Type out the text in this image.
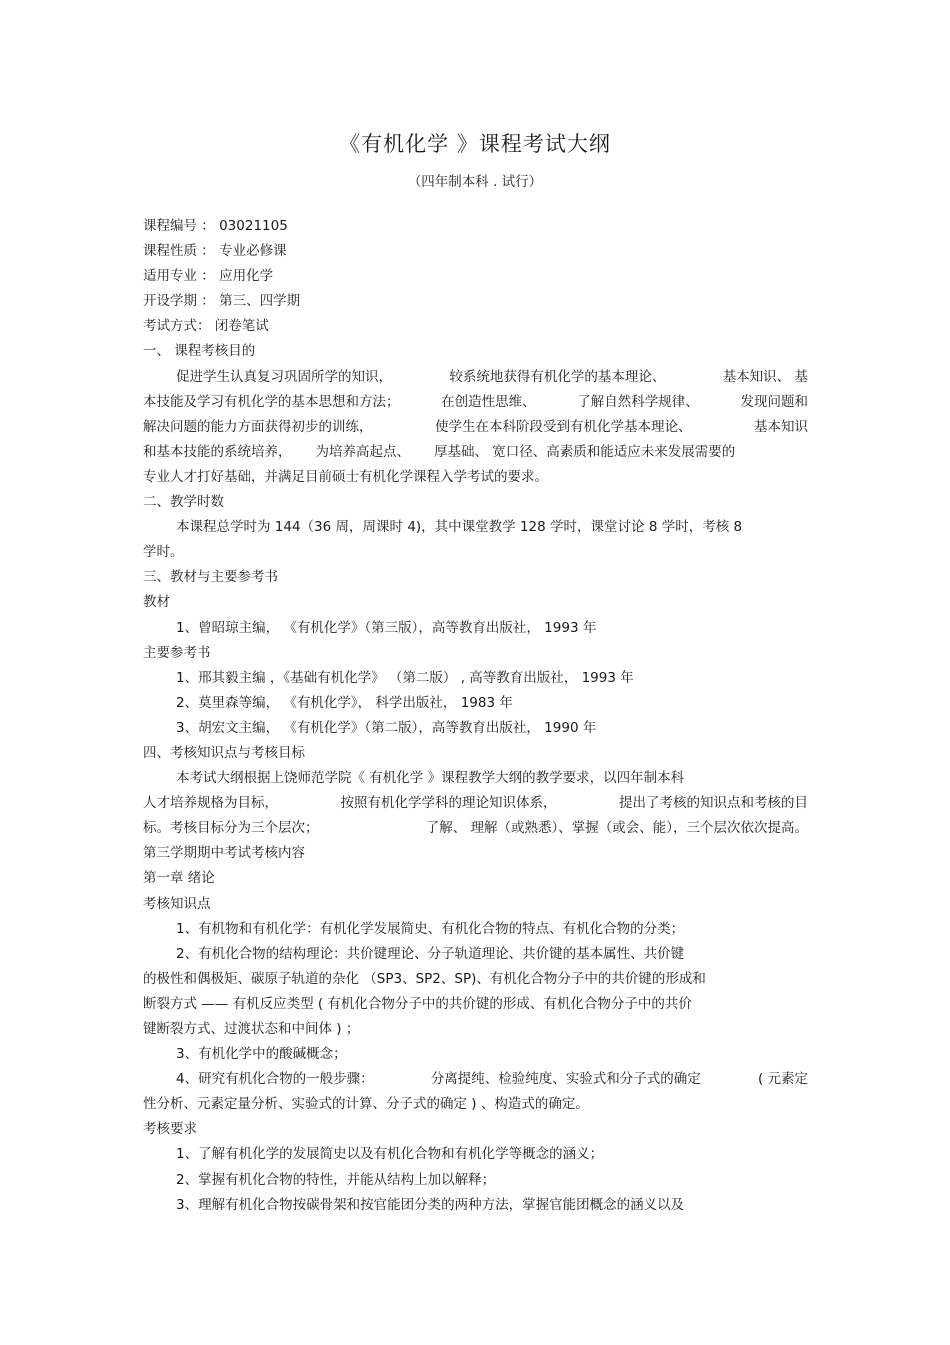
《有机化学 》课程考试大纲
（四年制本科 . 试行）
课程编号 ： 03021105
课程性质 ： 专业必修课
适用专业 ： 应用化学
开设学期 ： 第三、四学期
考试方式： 闭卷笔试
一、 课程考核目的
促进学生认真复习巩固所学的知识，	较系统地获得有机化学的基本理论、	基本知识、 基
本技能及学习有机化学的基本思想和方法；	在创造性思维、	了解自然科学规律、	发现问题和
解决问题的能力方面获得初步的训练，	使学生在本科阶段受到有机化学基本理论、	基本知识
和基本技能的系统培养， 为培养高起点、 厚基础、 宽口径、高素质和能适应未来发展需要的
专业人才打好基础，并满足目前硕士有机化学课程入学考试的要求。
二、教学时数
本课程总学时为 144（36 周，周课时 4)，其中课堂教学 128 学时，课堂讨论 8 学时，考核 8
学时。
三、教材与主要参考书
教材
1、曾昭琼主编， 《有机化学》（第三版），高等教育出版社， 1993 年
主要参考书
1、邢其毅主编 ，《基础有机化学》 （第二版） , 高等教育出版社， 1993 年
2、莫里森等编， 《有机化学》， 科学出版社， 1983 年
3、胡宏文主编， 《有机化学》（第二版），高等教育出版社， 1990 年
四、考核知识点与考核目标
本考试大纲根据上饶师范学院《 有机化学 》课程教学大纲的教学要求，以四年制本科
人才培养规格为目标，	按照有机化学学科的理论知识体系，	提出了考核的知识点和考核的目
标。考核目标分为三个层次；	了解、 理解（或熟悉）、掌握（或会、能），三个层次依次提高。
第三学期期中考试考核内容
第一章 绪论
考核知识点
1、有机物和有机化学：有机化学发展简史、有机化合物的特点、有机化合物的分类；
2、有机化合物的结构理论：共价键理论、分子轨道理论、共价键的基本属性、共价键
的极性和偶极矩、碳原子轨道的杂化 （SP3、SP2、SP)、有机化合物分子中的共价键的形成和
断裂方式 —— 有机反应类型 ( 有机化合物分子中的共价键的形成、有机化合物分子中的共价
键断裂方式、过渡状态和中间体 ) ；
3、有机化学中的酸碱概念；
4、研究有机化合物的一般步骤：	分离提纯、检验纯度、实验式和分子式的确定	( 元素定
性分析、元素定量分析、实验式的计算、分子式的确定 ) 、构造式的确定。
考核要求
1、了解有机化学的发展简史以及有机化合物和有机化学等概念的涵义；
2、掌握有机化合物的特性，并能从结构上加以解释；
3、理解有机化合物按碳骨架和按官能团分类的两种方法，掌握官能团概念的涵义以及
